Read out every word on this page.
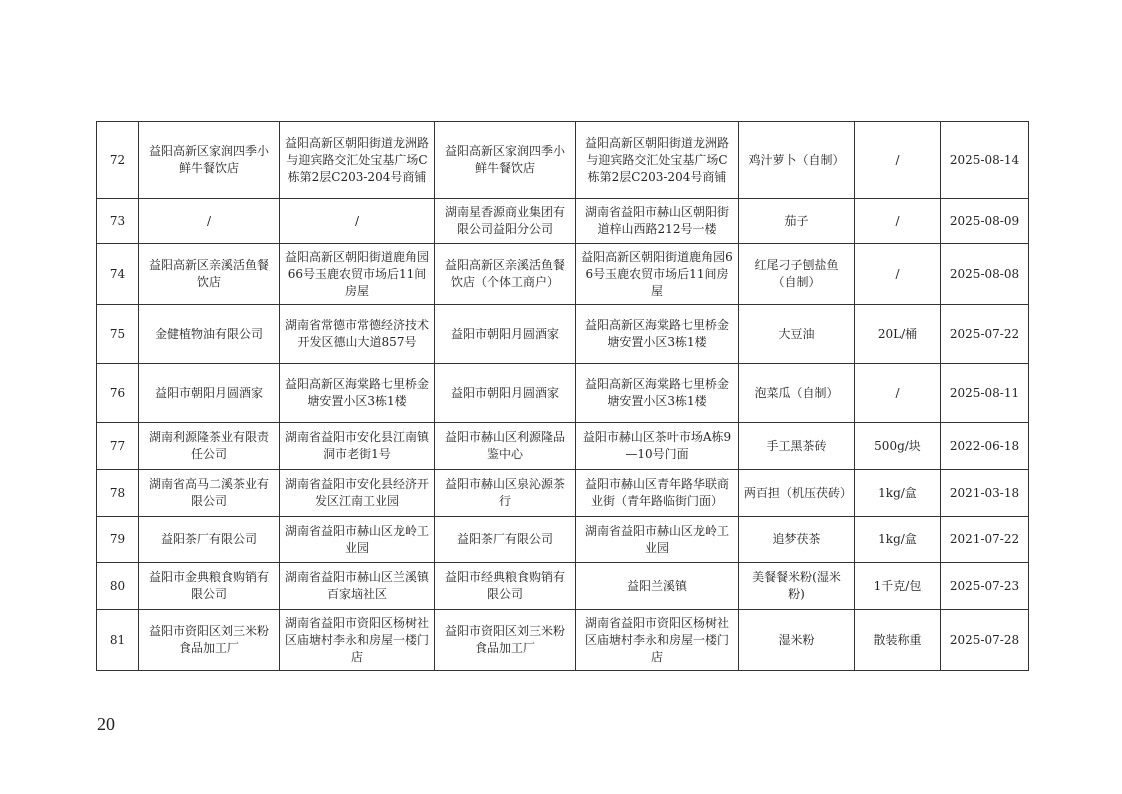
72	益阳高新区家润四季小鲜牛餐饮店	益阳高新区朝阳街道龙洲路与迎宾路交汇处宝基广场C栋第2层C203-204号商铺	益阳高新区家润四季小鲜牛餐饮店	益阳高新区朝阳街道龙洲路与迎宾路交汇处宝基广场C栋第2层C203-204号商铺	鸡汁萝卜（自制）	/	2025-08-14
73	/	/	湖南星香源商业集团有限公司益阳分公司	湖南省益阳市赫山区朝阳街道梓山西路212号一楼	茄子	/	2025-08-09
74	益阳高新区亲溪活鱼餐饮店	益阳高新区朝阳街道鹿角园66号玉鹿农贸市场后11间房屋	益阳高新区亲溪活鱼餐饮店（个体工商户）	益阳高新区朝阳街道鹿角园66号玉鹿农贸市场后11间房屋	红尾刁子刨盐鱼（自制）	/	2025-08-08
75	金健植物油有限公司	湖南省常德市常德经济技术开发区德山大道857号	益阳市朝阳月圆酒家	益阳高新区海棠路七里桥金塘安置小区3栋1楼	大豆油	20L/桶	2025-07-22
76	益阳市朝阳月圆酒家	益阳高新区海棠路七里桥金塘安置小区3栋1楼	益阳市朝阳月圆酒家	益阳高新区海棠路七里桥金塘安置小区3栋1楼	泡菜瓜（自制）	/	2025-08-11
77	湖南利源隆茶业有限责任公司	湖南省益阳市安化县江南镇洞市老街1号	益阳市赫山区利源隆品鉴中心	益阳市赫山区茶叶市场A栋9—10号门面	手工黑茶砖	500g/块	2022-06-18
78	湖南省高马二溪茶业有限公司	湖南省益阳市安化县经济开发区江南工业园	益阳市赫山区泉沁源茶行	益阳市赫山区青年路华联商业街（青年路临街门面）	两百担（机压茯砖）	1kg/盒	2021-03-18
79	益阳茶厂有限公司	湖南省益阳市赫山区龙岭工业园	益阳茶厂有限公司	湖南省益阳市赫山区龙岭工业园	追梦茯茶	1kg/盒	2021-07-22
80	益阳市金典粮食购销有限公司	湖南省益阳市赫山区兰溪镇百家垴社区	益阳市经典粮食购销有限公司	益阳兰溪镇	美餐餐米粉(湿米粉)	1千克/包	2025-07-23
81	益阳市资阳区刘三米粉食品加工厂	湖南省益阳市资阳区杨树社区庙塘村李永和房屋一楼门店	益阳市资阳区刘三米粉食品加工厂	湖南省益阳市资阳区杨树社区庙塘村李永和房屋一楼门店	湿米粉	散装称重	2025-07-28
20
